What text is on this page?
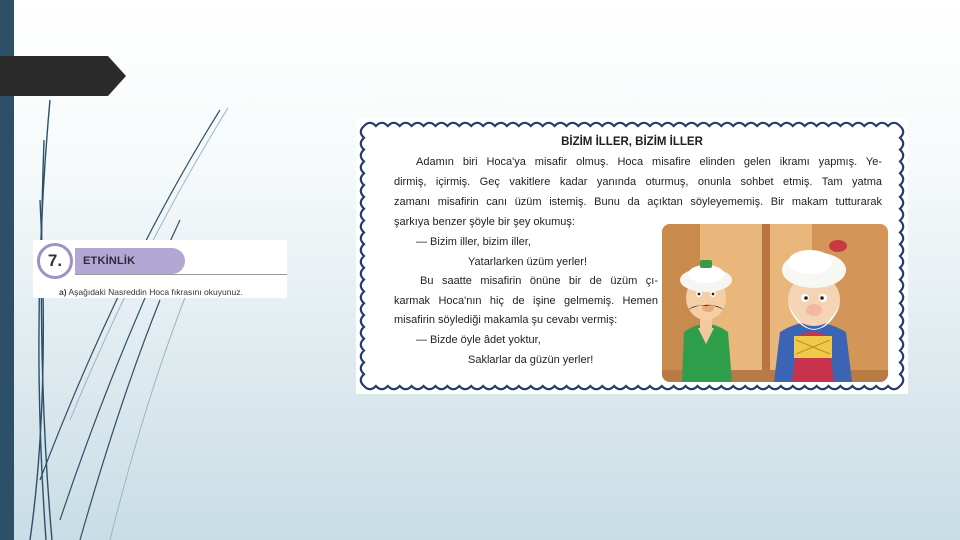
7.	ETKİNLİK
a) Aşağıdaki Nasreddin Hoca fıkrasını okuyunuz.
BİZİM İLLER, BİZİM İLLER
Adamın biri Hoca'ya misafir olmuş. Hoca misafire elinden gelen ikramı yapmış. Ye-
dirmiş, içirmiş. Geç vakitlere kadar yanında oturmuş, onunla sohbet etmiş. Tam yatma
zamanı misafirin canı üzüm istemiş. Bunu da açıktan söyleyememiş. Bir makam tutturarak
şarkıya benzer şöyle bir şey okumuş:
— Bizim iller, bizim iller,
Yatarlarken üzüm yerler!
Bu saatte misafirin önüne bir de üzüm çı-
karmak Hoca'nın hiç de işine gelmemiş. Hemen
misafirin söylediği makamla şu cevabı vermiş:
— Bizde öyle âdet yoktur,
Saklarlar da güzün yerler!
